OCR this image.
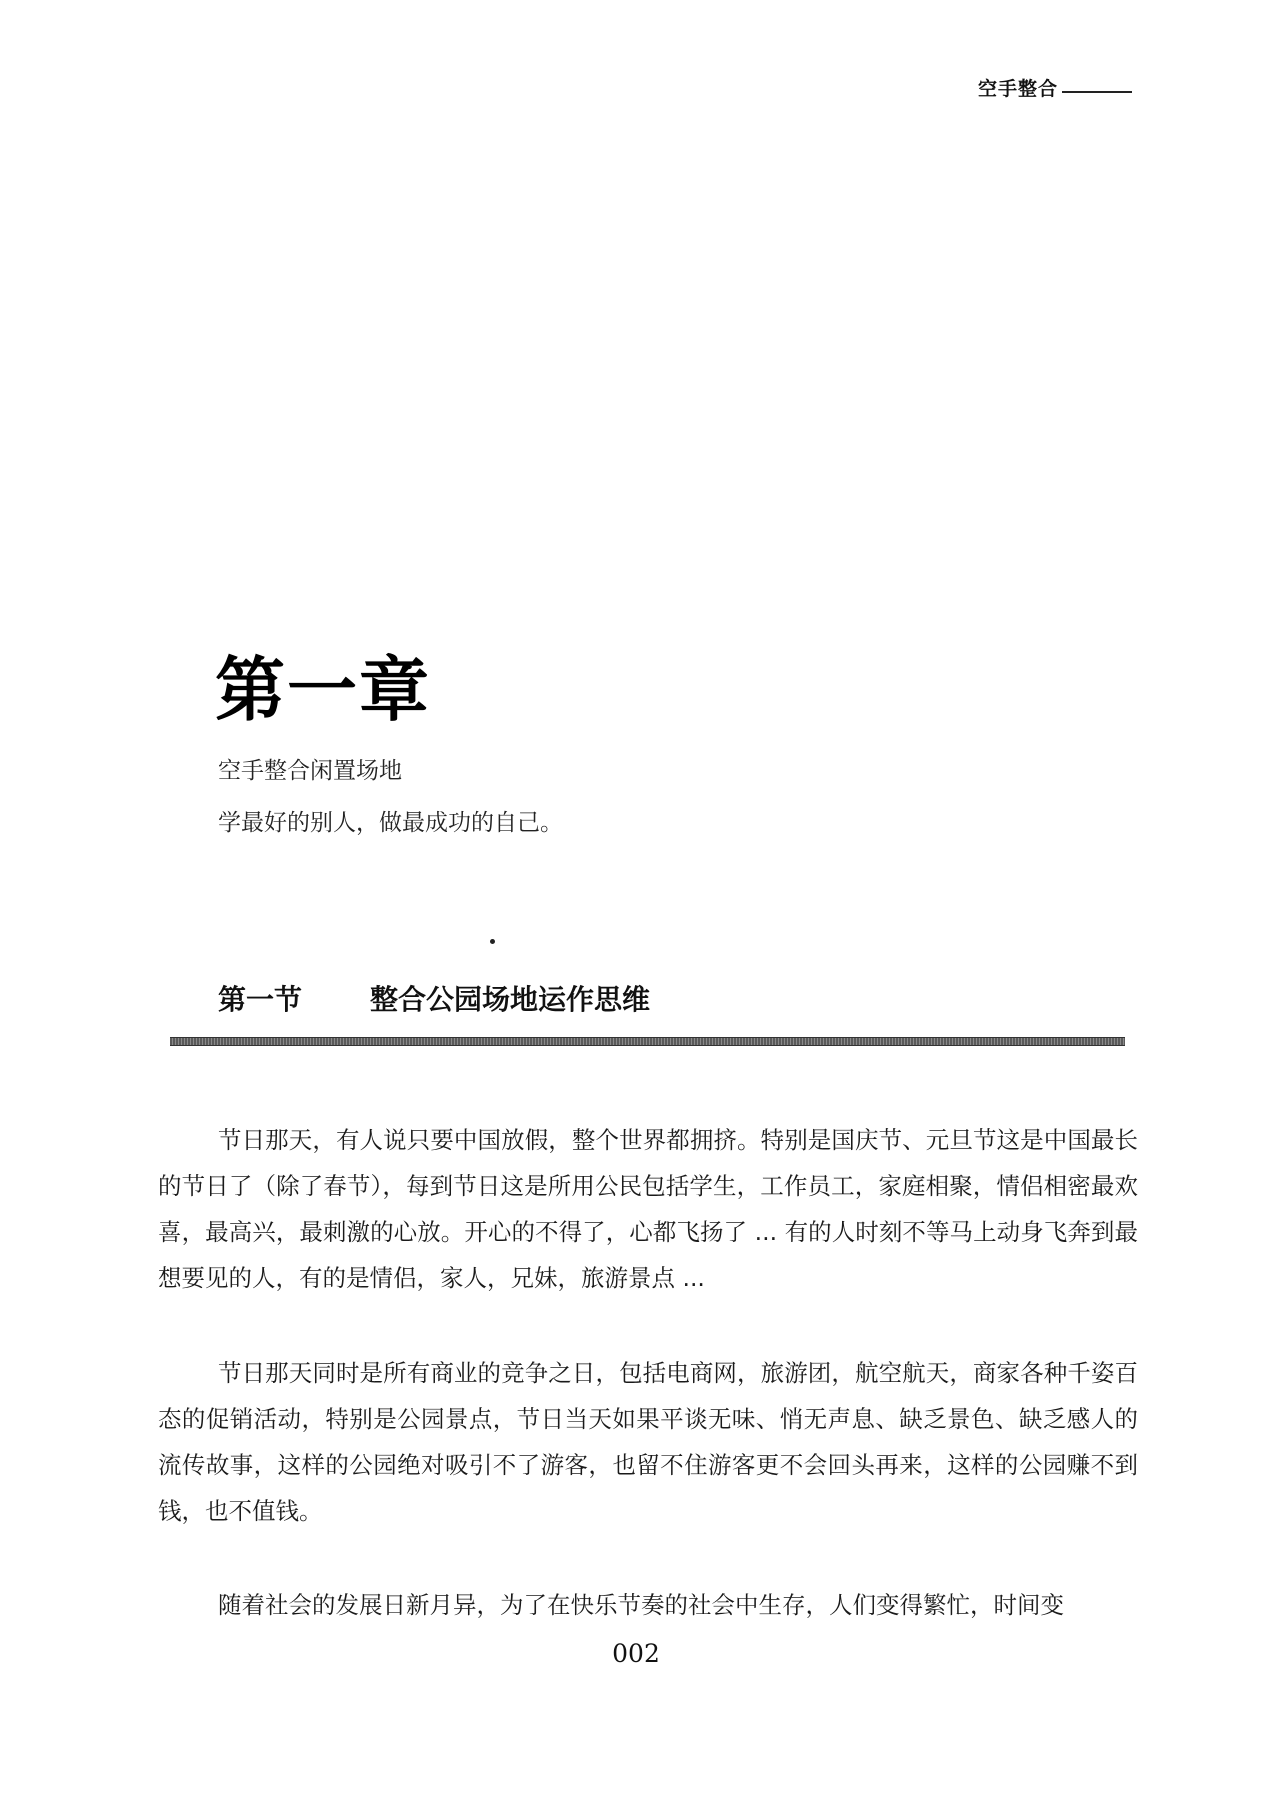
空手整合
第一章
空手整合闲置场地
学最好的别人，做最成功的自己。
第一节 整合公园场地运作思维

节日那天，有人说只要中国放假，整个世界都拥挤。特别是国庆节、元旦节这是中国最长的节日了（除了春节），每到节日这是所用公民包括学生，工作员工，家庭相聚，情侣相密最欢喜，最高兴，最刺激的心放。开心的不得了，心都飞扬了 ... 有的人时刻不等马上动身飞奔到最想要见的人，有的是情侣，家人，兄妹，旅游景点 ...

节日那天同时是所有商业的竞争之日，包括电商网，旅游团，航空航天，商家各种千姿百态的促销活动，特别是公园景点，节日当天如果平谈无味、悄无声息、缺乏景色、缺乏感人的流传故事，这样的公园绝对吸引不了游客，也留不住游客更不会回头再来，这样的公园赚不到钱，也不值钱。

随着社会的发展日新月异，为了在快乐节奏的社会中生存，人们变得繁忙，时间变

002
